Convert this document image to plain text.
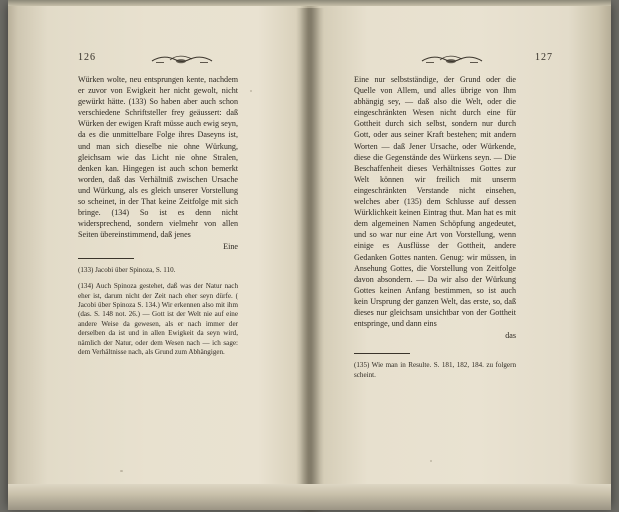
126

Würken wolte, neu entsprungen kente, nachdem er zuvor von Ewigkeit her nicht gewolt, nicht gewürkt hätte. (133) So haben aber auch schon verschiedene Schriftsteller frey geäussert: daß Würken der ewigen Kraft müsse auch ewig seyn, da es die unmittelbare Folge ihres Daseyns ist, und man sich dieselbe nie ohne Würkung, gleichsam wie das Licht nie ohne Stralen, denken kan. Hingegen ist auch schon bemerkt worden, daß das Verhältniß zwischen Ursache und Würkung, als es gleich unserer Vorstellung so scheinet, in der That keine Zeitfolge mit sich bringe. (134) So ist es denn nicht widersprechend, sondern vielmehr von allen Seiten übereinstimmend, daß jenes

Eine

(133) Jacobi über Spinoza, S. 110.

(134) Auch Spinoza gestehet, daß was der Natur nach eher ist, darum nicht der Zeit nach eher seyn dürfe. ( Jacobi über Spinoza S. 134.) Wir erkennen also mit ihm (das. S. 148 not. 26.) — Gott ist der Welt nie auf eine andere Weise da gewesen, als er nach immer der derselben da ist und in allen Ewigkeit da seyn wird, nämlich der Natur, oder dem Wesen nach — ich sage: dem Verhältnisse nach, als Grund zum Abhängigen.

127

Eine nur selbstständige, der Grund oder die Quelle von Allem, und alles übrige von Ihm abhängig sey, — daß also die Welt, oder die eingeschränkten Wesen nicht durch eine für Gottheit durch sich selbst, sondern nur durch Gott, oder aus seiner Kraft bestehen; mit andern Worten — daß Jener Ursache, oder Würkende, diese die Gegenstände des Würkens seyn. — Die Beschaffenheit dieses Verhältnisses Gottes zur Welt können wir freilich mit unserm eingeschränkten Verstande nicht einsehen, welches aber (135) dem Schlusse auf dessen Würklichkeit keinen Eintrag thut. Man hat es mit dem algemeinen Namen Schöpfung angedeutet, und so war nur eine Art von Vorstellung, wenn einige es Ausflüsse der Gottheit, andere Gedanken Gottes nanten. Genug: wir müssen, in Ansehung Gottes, die Vorstellung von Zeitfolge davon absondern. — Da wir also der Würkung Gottes keinen Anfang bestimmen, so ist auch kein Ursprung der ganzen Welt, das erste, so, daß dieses nur gleichsam unsichtbar von der Gottheit entspringe, und dann eins

das

(135) Wie man in Resulte. S. 181, 182, 184. zu folgern scheint.
